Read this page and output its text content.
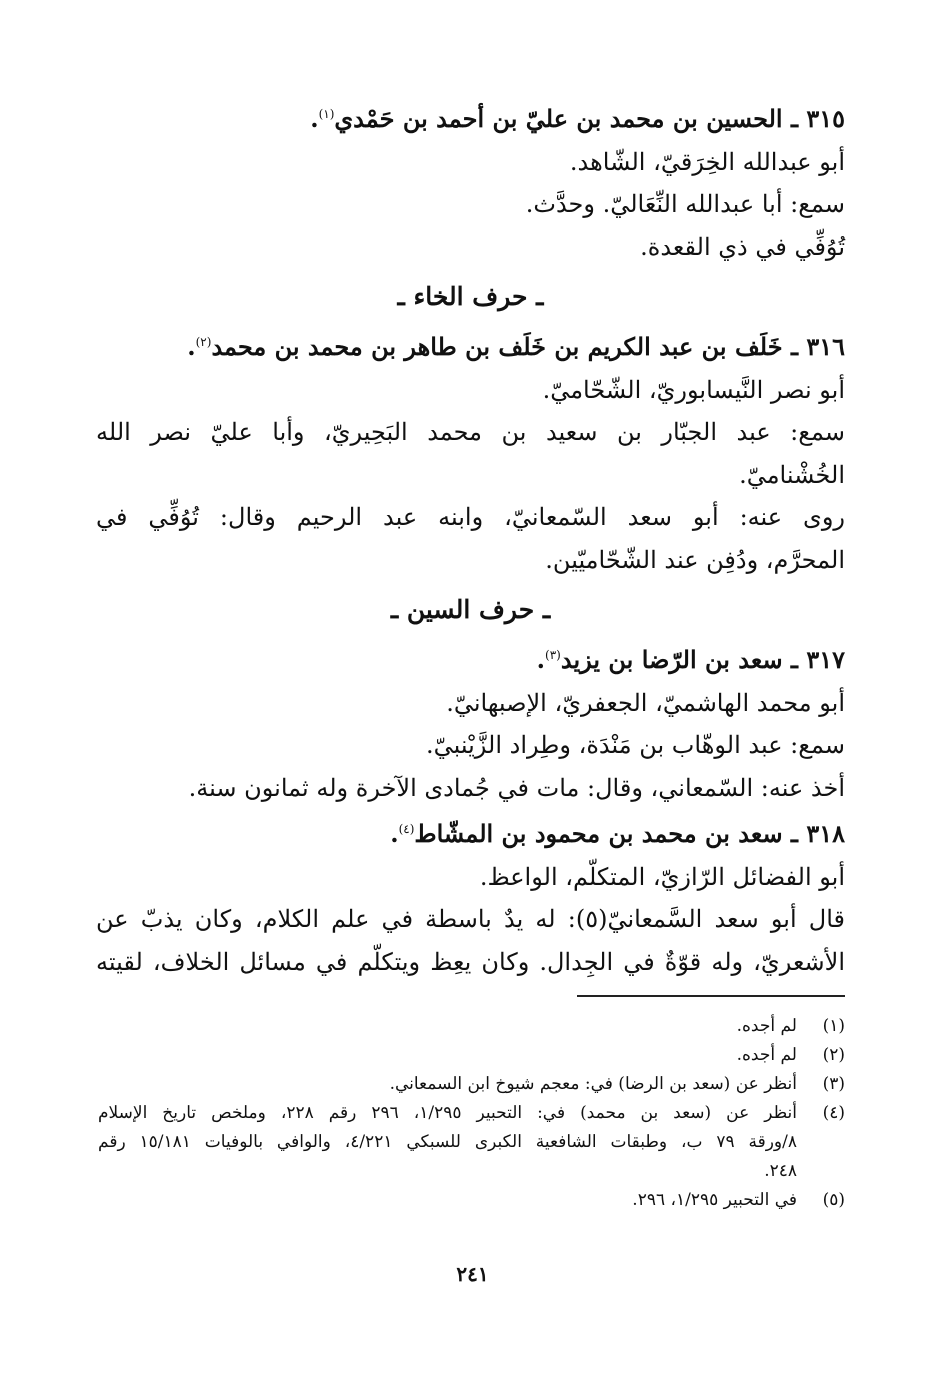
٣١٥ ـ الحسين بن محمد بن عليّ بن أحمد بن حَمْدي$^{(١)}$.
أبو عبدالله الخِرَقيّ، الشّاهد.
سمع: أبا عبدالله النِّعَاليّ. وحدَّث.
تُوُفِّي في ذي القعدة.
ـ حرف الخاء ـ
٣١٦ ـ خَلَف بن عبد الكريم بن خَلَف بن طاهر بن محمد بن محمد$^{(٢)}$.
أبو نصر النَّيسابوريّ، الشّحّاميّ.
سمع: عبد الجبّار بن سعيد بن محمد البَحِيريّ، وأبا عليّ نصر الله
الخُشْناميّ.
روى عنه: أبو سعد السّمعانيّ، وابنه عبد الرحيم وقال: تُوُفِّي في
المحرَّم، ودُفِن عند الشّحّاميّين.
ـ حرف السين ـ
٣١٧ ـ سعد بن الرّضا بن يزيد$^{(٣)}$.
أبو محمد الهاشميّ، الجعفريّ، الإصبهانيّ.
سمع: عبد الوهّاب بن مَنْدَة، وطِراد الزَّيْنبيّ.
أخذ عنه: السّمعاني، وقال: مات في جُمادى الآخرة وله ثمانون سنة.
٣١٨ ـ سعد بن محمد بن محمود بن المشّاط$^{(٤)}$.
أبو الفضائل الرّازيّ، المتكلّم، الواعظ.
قال أبو سعد السَّمعانيّ(٥): له يدٌ باسطة في علم الكلام، وكان يذبّ عن
الأشعريّ، وله قوّةٌ في الجِدال. وكان يعِظ ويتكلّم في مسائل الخلاف، لقيته
(١)
لم أجده.
(٢)
لم أجده.
(٣)
أنظر عن (سعد بن الرضا) في: معجم شيوخ ابن السمعاني.
(٤)
أنظر عن (سعد بن محمد) في: التحبير ١/٢٩٥، ٢٩٦ رقم ٢٢٨، وملخص تاريخ الإسلام
٨/ورقة ٧٩ ب، وطبقات الشافعية الكبرى للسبكي ٤/٢٢١، والوافي بالوفيات ١٥/١٨١ رقم
٢٤٨.
(٥)
في التحبير ١/٢٩٥، ٢٩٦.
٢٤١
